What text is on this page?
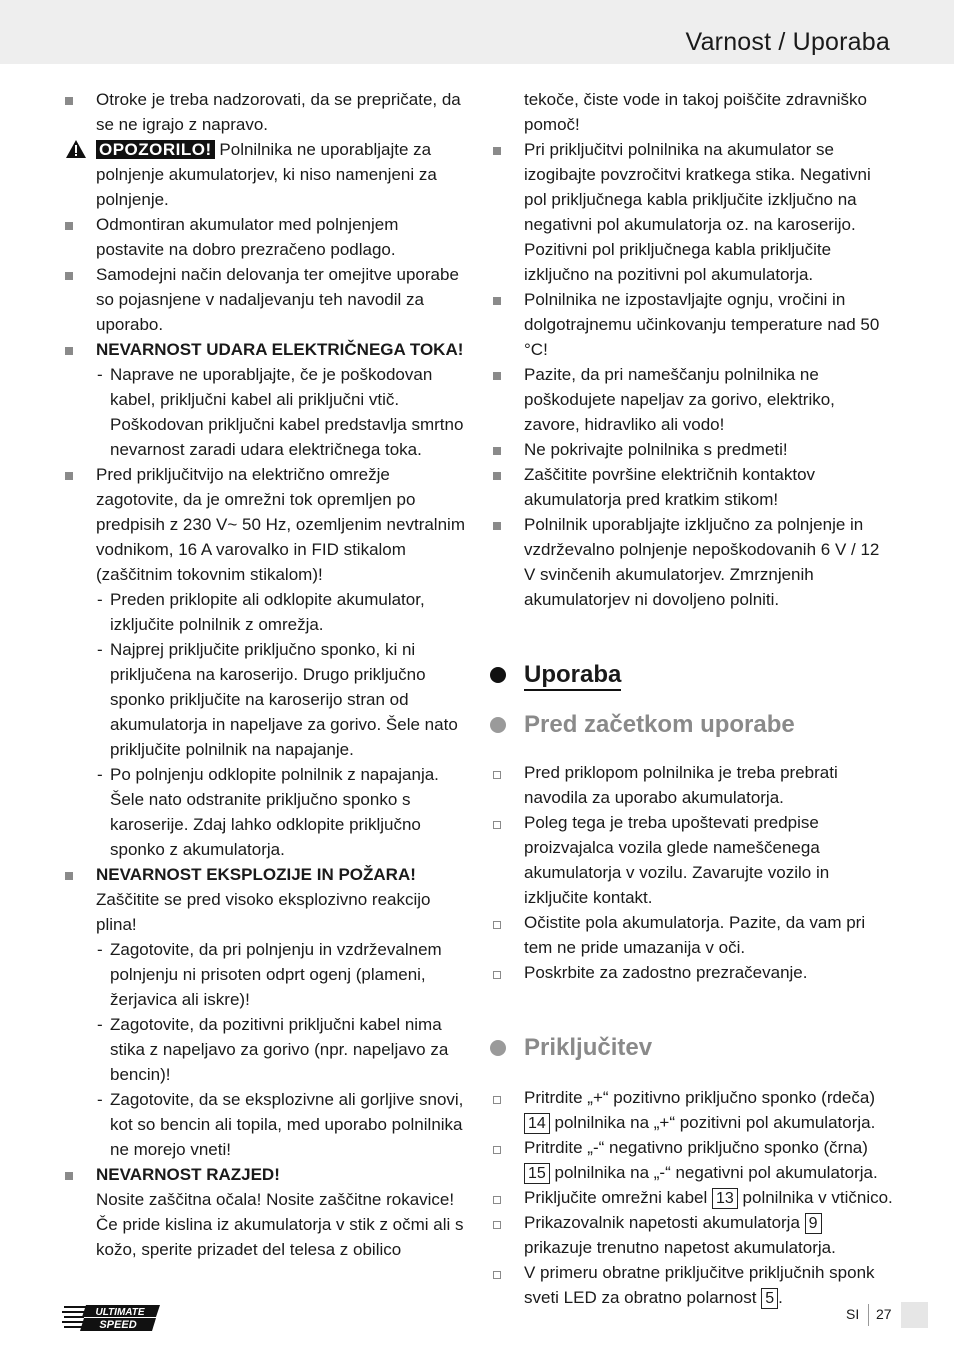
Varnost / Uporaba
Otroke je treba nadzorovati, da se prepričate, da se ne igrajo z napravo.
OPOZORILO! Polnilnika ne uporabljajte za polnjenje akumulatorjev, ki niso namenjeni za polnjenje.
Odmontiran akumulator med polnjenjem postavite na dobro prezračeno podlago.
Samodejni način delovanja ter omejitve uporabe so pojasnjene v nadaljevanju teh navodil za uporabo.
NEVARNOST UDARA ELEKTRIČNEGA TOKA!
- Naprave ne uporabljajte, če je poškodovan kabel, priključni kabel ali priključni vtič. Poškodovan priključni kabel predstavlja smrtno nevarnost zaradi udara električnega toka.
Pred priključitvijo na električno omrežje zagotovite, da je omrežni tok opremljen po predpisih z 230 V~ 50 Hz, ozemljenim nevtralnim vodnikom, 16 A varovalko in FID stikalom (zaščitnim tokovnim stikalom)!
- Preden priklopite ali odklopite akumulator, izključite polnilnik z omrežja.
- Najprej priključite priključno sponko, ki ni priključena na karoserijo. Drugo priključno sponko priključite na karoserijo stran od akumulatorja in napeljave za gorivo. Šele nato priključite polnilnik na napajanje.
- Po polnjenju odklopite polnilnik z napajanja. Šele nato odstranite priključno sponko s karoserije. Zdaj lahko odklopite priključno sponko z akumulatorja.
NEVARNOST EKSPLOZIJE IN POŽARA!
Zaščitite se pred visoko eksplozivno reakcijo plina!
- Zagotovite, da pri polnjenju in vzdrževalnem polnjenju ni prisoten odprt ogenj (plameni, žerjavica ali iskre)!
- Zagotovite, da pozitivni priključni kabel nima stika z napeljavo za gorivo (npr. napeljavo za bencin)!
- Zagotovite, da se eksplozivne ali gorljive snovi, kot so bencin ali topila, med uporabo polnilnika ne morejo vneti!
NEVARNOST RAZJED!
Nosite zaščitna očala! Nosite zaščitne rokavice! Če pride kislina iz akumulatorja v stik z očmi ali s kožo, sperite prizadet del telesa z obilico
tekoče, čiste vode in takoj poiščite zdravniško pomoč!
Pri priključitvi polnilnika na akumulator se izogibajte povzročitvi kratkega stika. Negativni pol priključnega kabla priključite izključno na negativni pol akumulatorja oz. na karoserijo. Pozitivni pol priključnega kabla priključite izključno na pozitivni pol akumulatorja.
Polnilnika ne izpostavljajte ognju, vročini in dolgotrajnemu učinkovanju temperature nad 50 °C!
Pazite, da pri nameščanju polnilnika ne poškodujete napeljav za gorivo, elektriko, zavore, hidravliko ali vodo!
Ne pokrivajte polnilnika s predmeti!
Zaščitite površine električnih kontaktov akumulatorja pred kratkim stikom!
Polnilnik uporabljajte izključno za polnjenje in vzdrževalno polnjenje nepoškodovanih 6 V / 12 V svinčenih akumulatorjev. Zmrznjenih akumulatorjev ni dovoljeno polniti.
Uporaba
Pred začetkom uporabe
Pred priklopom polnilnika je treba prebrati navodila za uporabo akumulatorja.
Poleg tega je treba upoštevati predpise proizvajalca vozila glede nameščenega akumulatorja v vozilu. Zavarujte vozilo in izključite kontakt.
Očistite pola akumulatorja. Pazite, da vam pri tem ne pride umazanija v oči.
Poskrbite za zadostno prezračevanje.
Priključitev
Pritrdite „+“ pozitivno priključno sponko (rdeča) 14 polnilnika na „+“ pozitivni pol akumulatorja.
Pritrdite „-“ negativno priključno sponko (črna) 15 polnilnika na „-“ negativni pol akumulatorja.
Priključite omrežni kabel 13 polnilnika v vtičnico.
Prikazovalnik napetosti akumulatorja 9 prikazuje trenutno napetost akumulatorja.
V primeru obratne priključitve priključnih sponk sveti LED za obratno polarnost 5 .
ULTIMATE
SPEED
SI 27
